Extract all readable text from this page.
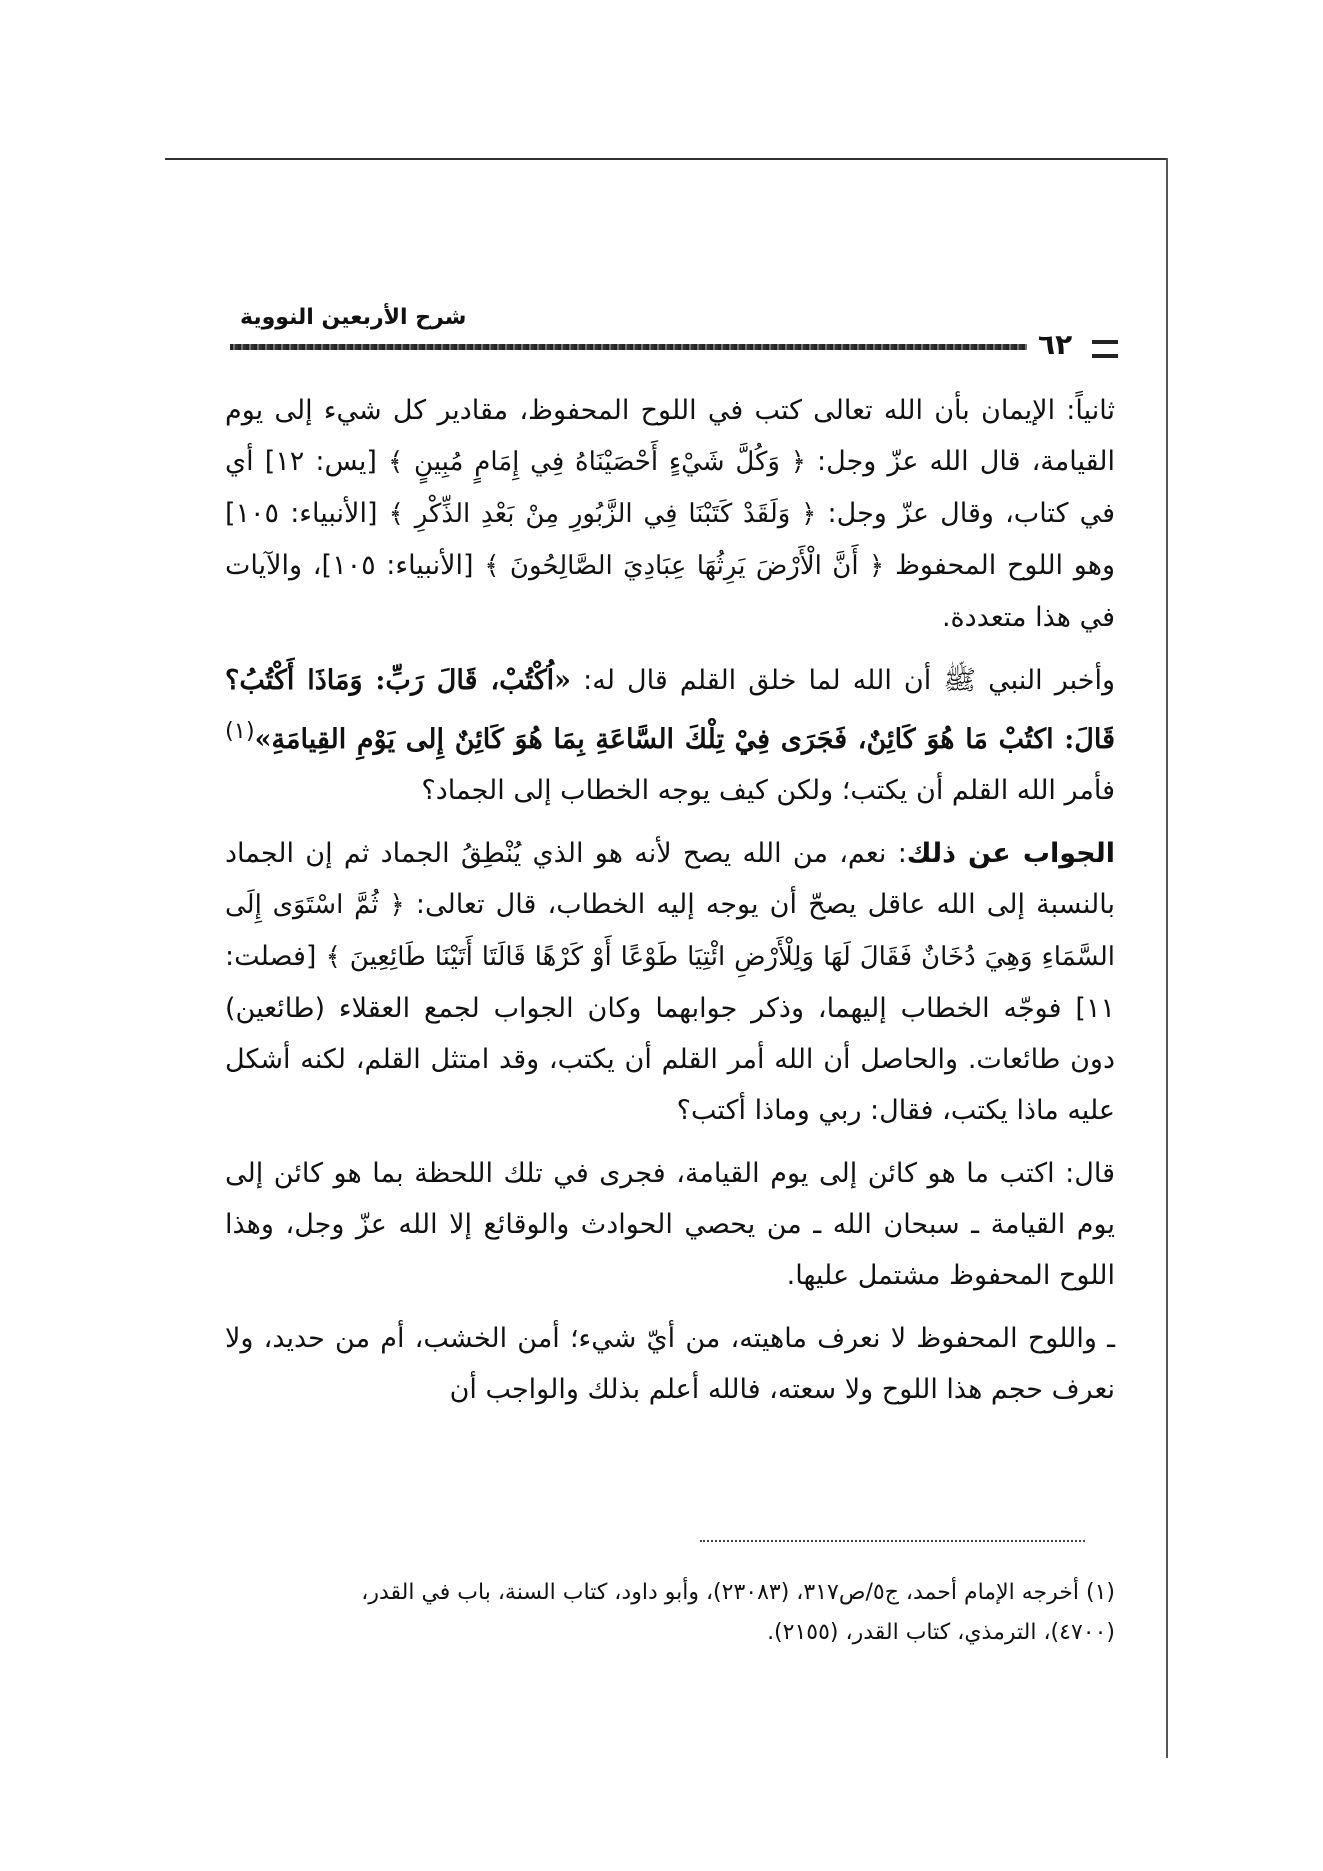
شرح الأربعين النووية
٦٢

ثانياً: الإيمان بأن الله تعالى كتب في اللوح المحفوظ، مقادير كل شيء إلى يوم القيامة، قال الله عزّ وجل: ﴿ وَكُلَّ شَيْءٍ أَحْصَيْنَاهُ فِي إِمَامٍ مُبِينٍ ﴾ [يس: ١٢] أي في كتاب، وقال عزّ وجل: ﴿ وَلَقَدْ كَتَبْنَا فِي الزَّبُورِ مِنْ بَعْدِ الذِّكْرِ ﴾ [الأنبياء: ١٠٥] وهو اللوح المحفوظ ﴿ أَنَّ الْأَرْضَ يَرِثُهَا عِبَادِيَ الصَّالِحُونَ ﴾ [الأنبياء: ١٠٥]، والآيات في هذا متعددة.

وأخبر النبي ﷺ أن الله لما خلق القلم قال له: «اُكْتُبْ، قَالَ رَبِّ: وَمَاذَا أَكْتُبُ؟ قَالَ: اكتُبْ مَا هُوَ كَائِنٌ، فَجَرَى فِيْ تِلْكَ السَّاعَةِ بِمَا هُوَ كَائِنٌ إِلى يَوْمِ القِيامَةِ»$^{(١)}$ فأمر الله القلم أن يكتب؛ ولكن كيف يوجه الخطاب إلى الجماد؟

الجواب عن ذلك: نعم، من الله يصح لأنه هو الذي يُنْطِقُ الجماد ثم إن الجماد بالنسبة إلى الله عاقل يصحّ أن يوجه إليه الخطاب، قال تعالى: ﴿ ثُمَّ اسْتَوَى إِلَى السَّمَاءِ وَهِيَ دُخَانٌ فَقَالَ لَهَا وَلِلْأَرْضِ ائْتِيَا طَوْعًا أَوْ كَرْهًا قَالَتَا أَتَيْنَا طَائِعِينَ ﴾ [فصلت: ١١] فوجّه الخطاب إليهما، وذكر جوابهما وكان الجواب لجمع العقلاء (طائعين) دون طائعات. والحاصل أن الله أمر القلم أن يكتب، وقد امتثل القلم، لكنه أشكل عليه ماذا يكتب، فقال: ربي وماذا أكتب؟

قال: اكتب ما هو كائن إلى يوم القيامة، فجرى في تلك اللحظة بما هو كائن إلى يوم القيامة ـ سبحان الله ـ من يحصي الحوادث والوقائع إلا الله عزّ وجل، وهذا اللوح المحفوظ مشتمل عليها.

ـ واللوح المحفوظ لا نعرف ماهيته، من أيّ شيء؛ أمن الخشب، أم من حديد، ولا نعرف حجم هذا اللوح ولا سعته، فالله أعلم بذلك والواجب أن

(١) أخرجه الإمام أحمد، ج٥/ص٣١٧، (٢٣٠٨٣)، وأبو داود، كتاب السنة، باب في القدر،
(٤٧٠٠)، الترمذي، كتاب القدر، (٢١٥٥).
